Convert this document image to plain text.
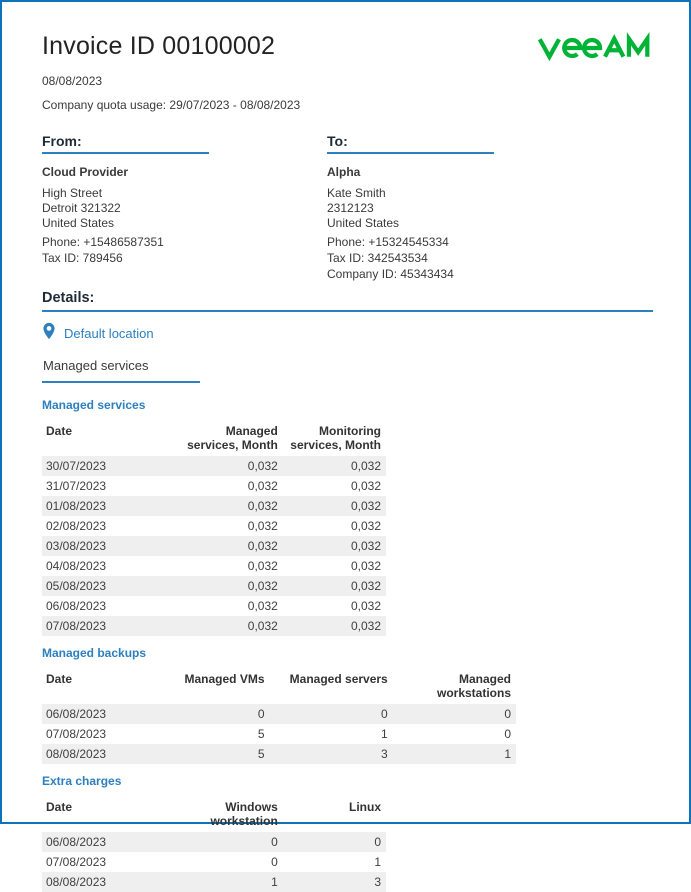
Invoice ID 00100002
08/08/2023
Company quota usage: 29/07/2023 - 08/08/2023
From:
Cloud Provider
High Street
Detroit 321322
United States
Phone: +15486587351
Tax ID: 789456
To:
Alpha
Kate Smith
2312123
United States
Phone: +15324545334
Tax ID: 342543534
Company ID: 45343434
Details:
Default location
Managed services
Managed services
Date	Managed services, Month	Monitoring services, Month
30/07/2023	0,032	0,032
31/07/2023	0,032	0,032
01/08/2023	0,032	0,032
02/08/2023	0,032	0,032
03/08/2023	0,032	0,032
04/08/2023	0,032	0,032
05/08/2023	0,032	0,032
06/08/2023	0,032	0,032
07/08/2023	0,032	0,032
Managed backups
Date	Managed VMs	Managed servers	Managed workstations
06/08/2023	0	0	0
07/08/2023	5	1	0
08/08/2023	5	3	1
Extra charges
Date	Windows workstation	Linux
06/08/2023	0	0
07/08/2023	0	1
08/08/2023	1	3
